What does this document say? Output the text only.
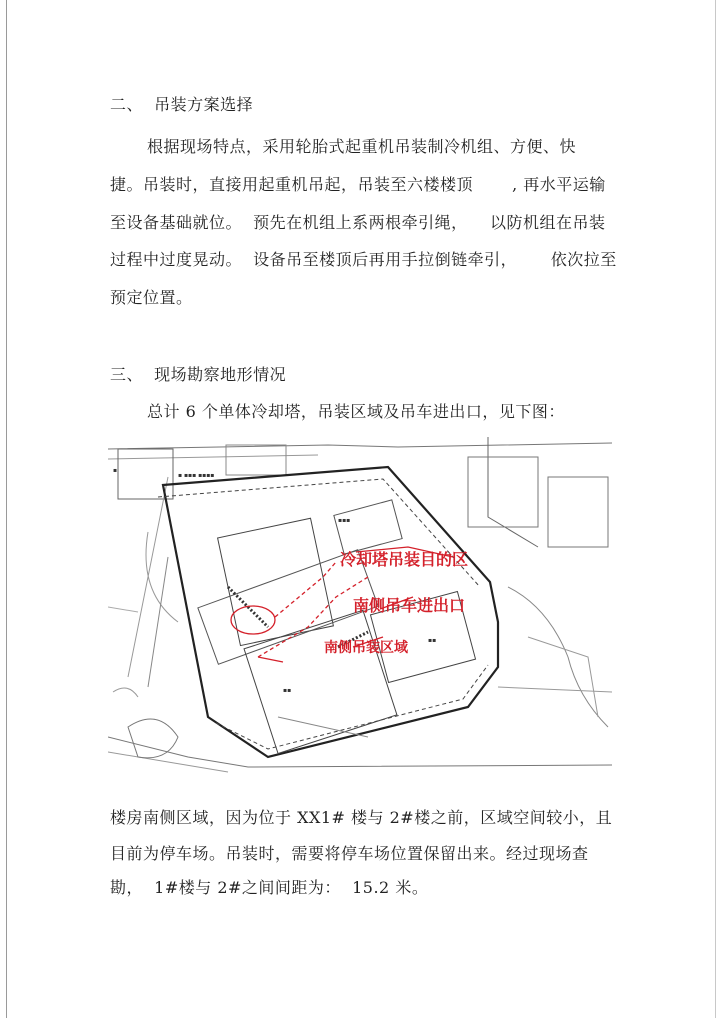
二、  吊装方案选择
根据现场特点，采用轮胎式起重机吊装制冷机组、方便、快
捷。吊装时，直接用起重机吊起，吊装至六楼楼顶       , 再水平运输
至设备基础就位。  预先在机组上系两根牵引绳，    以防机组在吊装
过程中过度晃动。  设备吊至楼顶后再用手拉倒链牵引，      依次拉至
预定位置。
三、  现场勘察地形情况
总计 6 个单体冷却塔，吊装区域及吊车进出口，见下图：
▪ ▪▪▪ ▪▪▪▪
▪▪▪
▪▪
▪▪
▪
冷却塔吊装目的区
南侧吊车进出口
南侧吊装区域
楼房南侧区域，因为位于 XX1# 楼与 2#楼之前，区域空间较小，且
目前为停车场。吊装时，需要将停车场位置保留出来。经过现场查
勘，  1#楼与 2#之间间距为：  15.2 米。
